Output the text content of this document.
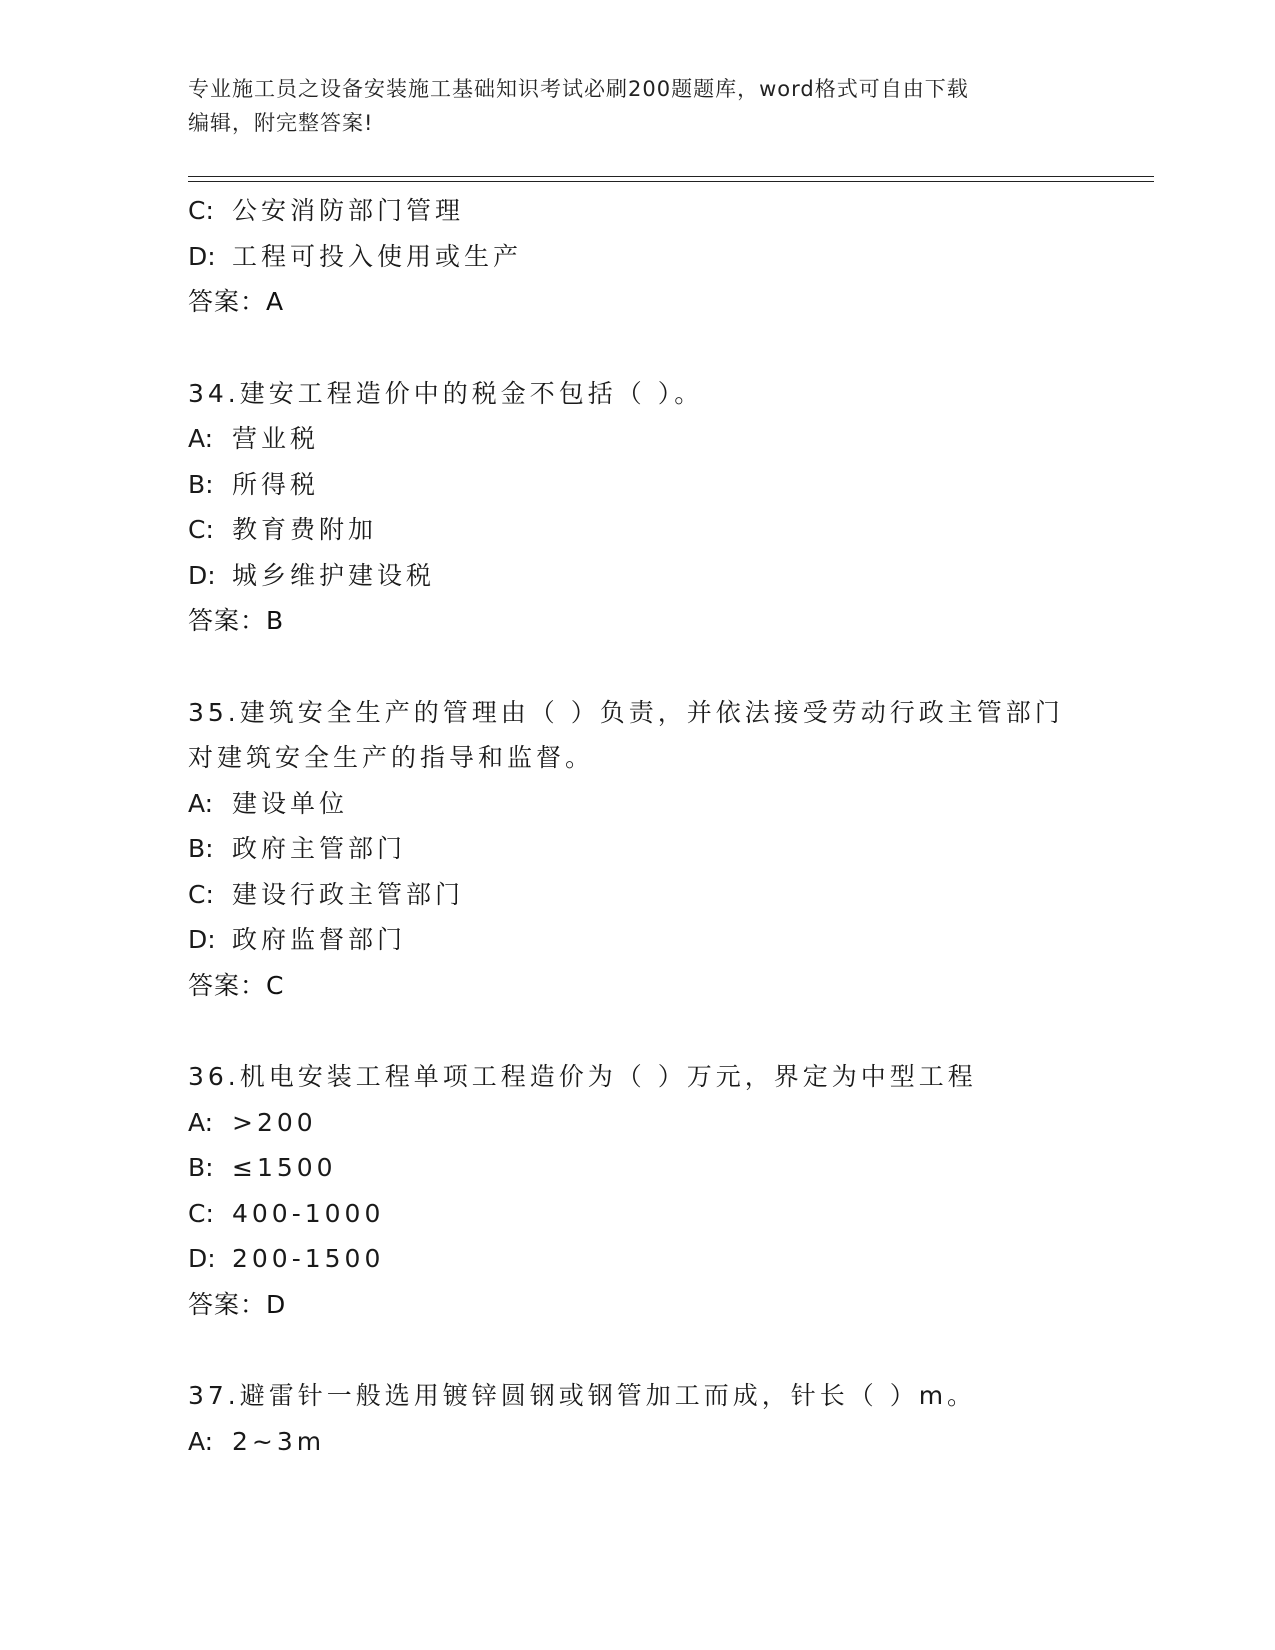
专业施工员之设备安装施工基础知识考试必刷200题题库，word格式可自由下载
编辑，附完整答案!
C: 公安消防部门管理
D: 工程可投入使用或生产
答案：A
34.建安工程造价中的税金不包括（ ）。
A: 营业税
B: 所得税
C: 教育费附加
D: 城乡维护建设税
答案：B
35.建筑安全生产的管理由（ ）负责，并依法接受劳动行政主管部门
对建筑安全生产的指导和监督。
A: 建设单位
B: 政府主管部门
C: 建设行政主管部门
D: 政府监督部门
答案：C
36.机电安装工程单项工程造价为（ ）万元，界定为中型工程
A: >200
B: ≤1500
C: 400-1000
D: 200-1500
答案：D
37.避雷针一般选用镀锌圆钢或钢管加工而成，针长（ ）m。
A: 2~3m
